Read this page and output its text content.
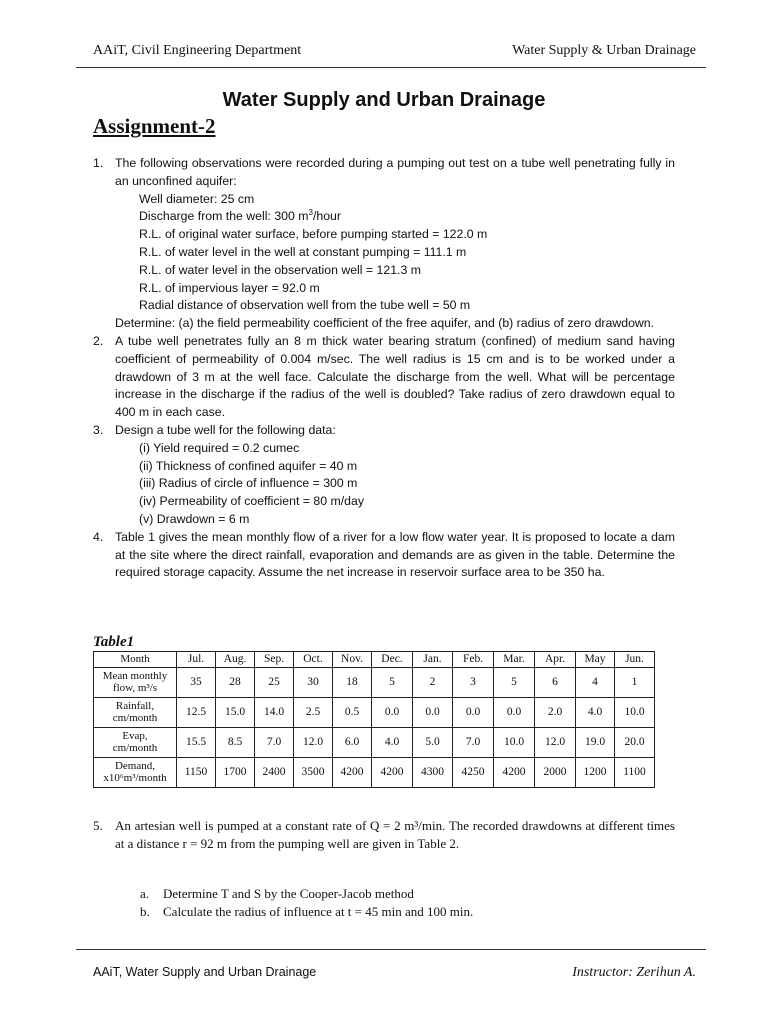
AAiT, Civil Engineering Department	Water Supply & Urban Drainage
Water Supply and Urban Drainage
Assignment-2
1. The following observations were recorded during a pumping out test on a tube well penetrating fully in an unconfined aquifer:
Well diameter: 25 cm
Discharge from the well: 300 $m^3$/hour
R.L. of original water surface, before pumping started = 122.0 m
R.L. of water level in the well at constant pumping = 111.1 m
R.L. of water level in the observation well = 121.3 m
R.L. of impervious layer = 92.0 m
Radial distance of observation well from the tube well = 50 m
Determine: (a) the field permeability coefficient of the free aquifer, and (b) radius of zero drawdown.
2. A tube well penetrates fully an 8 m thick water bearing stratum (confined) of medium sand having coefficient of permeability of 0.004 m/sec. The well radius is 15 cm and is to be worked under a drawdown of 3 m at the well face. Calculate the discharge from the well. What will be percentage increase in the discharge if the radius of the well is doubled? Take radius of zero drawdown equal to 400 m in each case.
3. Design a tube well for the following data:
(i) Yield required = 0.2 cumec
(ii) Thickness of confined aquifer = 40 m
(iii) Radius of circle of influence = 300 m
(iv) Permeability of coefficient = 80 m/day
(v) Drawdown = 6 m
4. Table 1 gives the mean monthly flow of a river for a low flow water year. It is proposed to locate a dam at the site where the direct rainfall, evaporation and demands are as given in the table. Determine the required storage capacity. Assume the net increase in reservoir surface area to be 350 ha.
Table1
Month	Jul.	Aug.	Sep.	Oct.	Nov.	Dec.	Jan.	Feb.	Mar.	Apr.	May	Jun.
Mean monthly
flow, m³/s	35	28	25	30	18	5	2	3	5	6	4	1
Rainfall,
cm/month	12.5	15.0	14.0	2.5	0.5	0.0	0.0	0.0	0.0	2.0	4.0	10.0
Evap,
cm/month	15.5	8.5	7.0	12.0	6.0	4.0	5.0	7.0	10.0	12.0	19.0	20.0
Demand,
x10⁶m³/month	1150	1700	2400	3500	4200	4200	4300	4250	4200	2000	1200	1100
5. An artesian well is pumped at a constant rate of Q = 2 m³/min. The recorded drawdowns at different times at a distance r = 92 m from the pumping well are given in Table 2.
a. Determine T and S by the Cooper-Jacob method
b. Calculate the radius of influence at t = 45 min and 100 min.
AAiT, Water Supply and Urban Drainage	Instructor: Zerihun A.
